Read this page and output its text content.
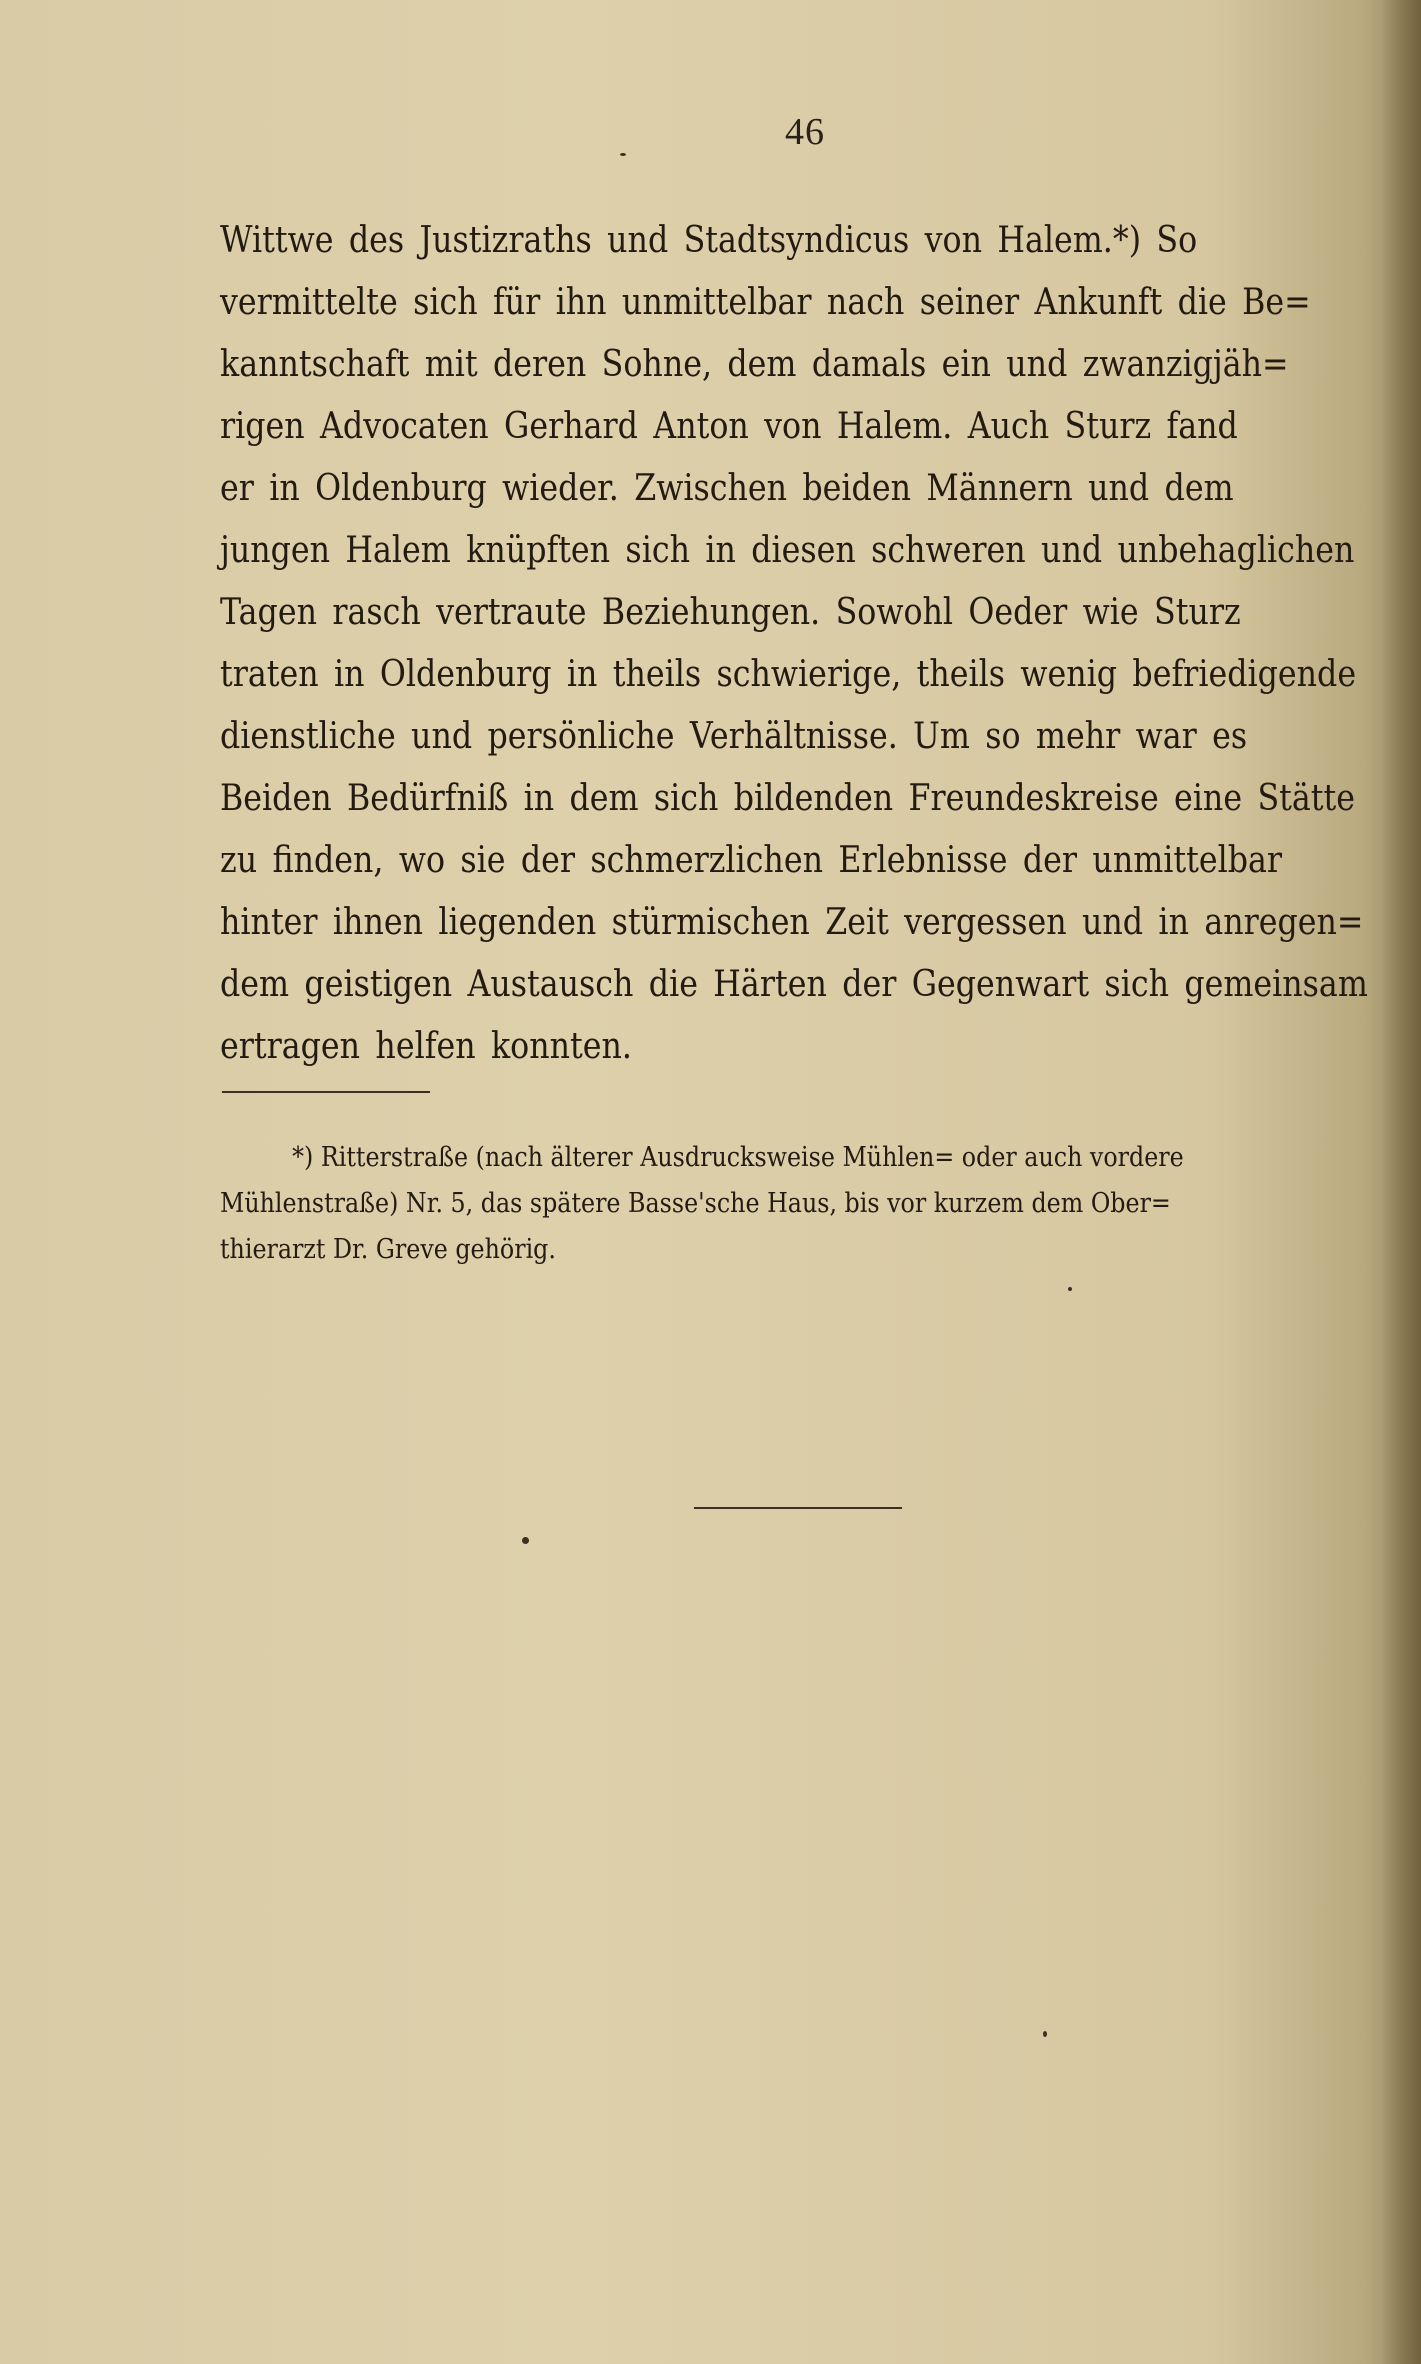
46
Wittwe des Justizraths und Stadtsyndicus von Halem.*) So
vermittelte sich für ihn unmittelbar nach seiner Ankunft die Be=
kanntschaft mit deren Sohne, dem damals ein und zwanzigjäh=
rigen Advocaten Gerhard Anton von Halem. Auch Sturz fand
er in Oldenburg wieder. Zwischen beiden Männern und dem
jungen Halem knüpften sich in diesen schweren und unbehaglichen
Tagen rasch vertraute Beziehungen. Sowohl Oeder wie Sturz
traten in Oldenburg in theils schwierige, theils wenig befriedigende
dienstliche und persönliche Verhältnisse. Um so mehr war es
Beiden Bedürfniß in dem sich bildenden Freundeskreise eine Stätte
zu finden, wo sie der schmerzlichen Erlebnisse der unmittelbar
hinter ihnen liegenden stürmischen Zeit vergessen und in anregen=
dem geistigen Austausch die Härten der Gegenwart sich gemeinsam
ertragen helfen konnten.
*) Ritterstraße (nach älterer Ausdrucksweise Mühlen= oder auch vordere
Mühlenstraße) Nr. 5, das spätere Basse'sche Haus, bis vor kurzem dem Ober=
thierarzt Dr. Greve gehörig.
